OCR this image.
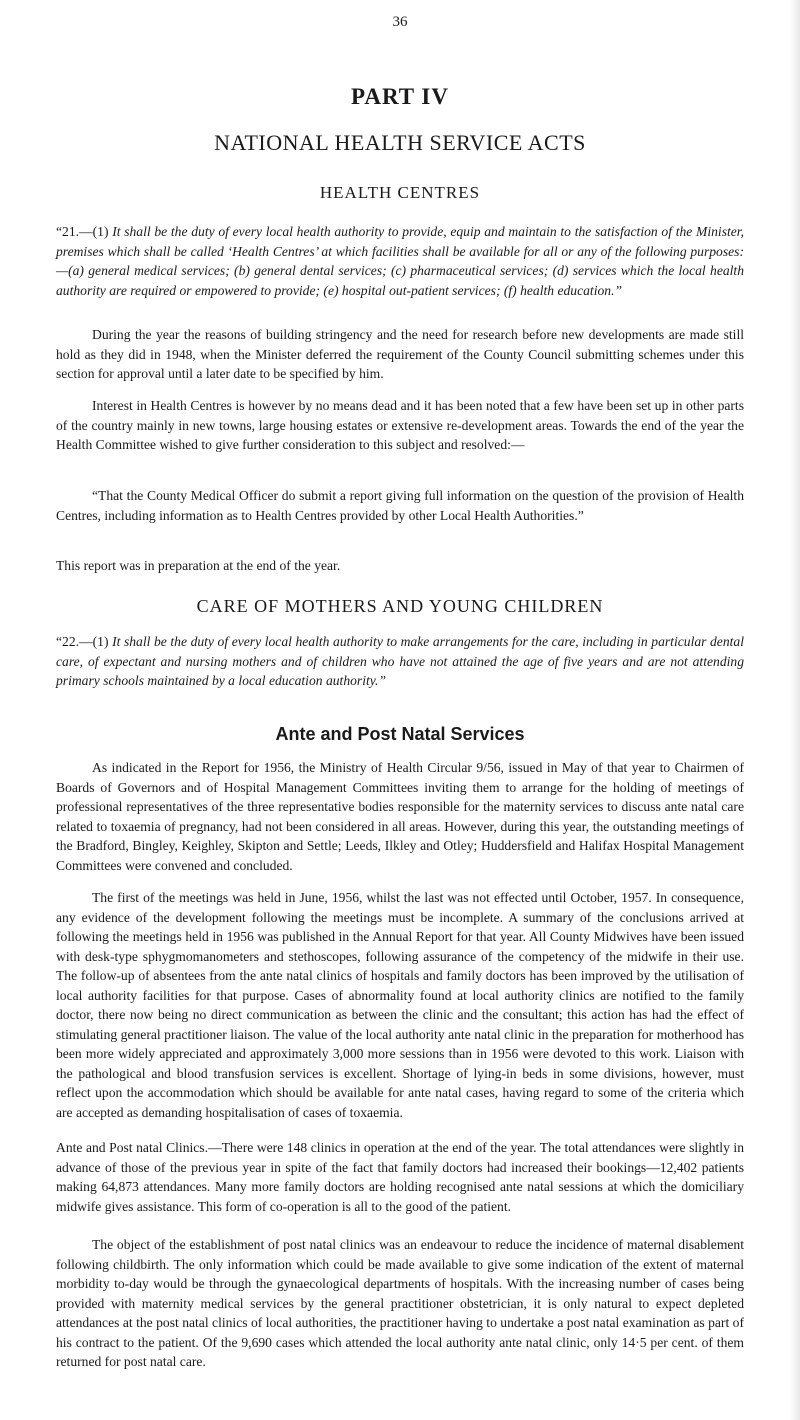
36
PART IV
NATIONAL HEALTH SERVICE ACTS
HEALTH CENTRES
“21.—(1) It shall be the duty of every local health authority to provide, equip and maintain to the satisfaction of the Minister, premises which shall be called ‘Health Centres’ at which facilities shall be available for all or any of the following purposes:—(a) general medical services; (b) general dental services; (c) pharmaceutical services; (d) services which the local health authority are required or empowered to provide; (e) hospital out-patient services; (f) health education.”
During the year the reasons of building stringency and the need for research before new developments are made still hold as they did in 1948, when the Minister deferred the requirement of the County Council submitting schemes under this section for approval until a later date to be specified by him.
Interest in Health Centres is however by no means dead and it has been noted that a few have been set up in other parts of the country mainly in new towns, large housing estates or extensive re-development areas. Towards the end of the year the Health Committee wished to give further consideration to this subject and resolved:—
“That the County Medical Officer do submit a report giving full information on the question of the provision of Health Centres, including information as to Health Centres provided by other Local Health Authorities.”
This report was in preparation at the end of the year.
CARE OF MOTHERS AND YOUNG CHILDREN
“22.—(1) It shall be the duty of every local health authority to make arrangements for the care, including in particular dental care, of expectant and nursing mothers and of children who have not attained the age of five years and are not attending primary schools maintained by a local education authority.”
Ante and Post Natal Services
As indicated in the Report for 1956, the Ministry of Health Circular 9/56, issued in May of that year to Chairmen of Boards of Governors and of Hospital Management Committees inviting them to arrange for the holding of meetings of professional representatives of the three representative bodies responsible for the maternity services to discuss ante natal care related to toxaemia of pregnancy, had not been considered in all areas. However, during this year, the outstanding meetings of the Bradford, Bingley, Keighley, Skipton and Settle; Leeds, Ilkley and Otley; Huddersfield and Halifax Hospital Management Committees were convened and concluded.
The first of the meetings was held in June, 1956, whilst the last was not effected until October, 1957. In consequence, any evidence of the development following the meetings must be incomplete. A summary of the conclusions arrived at following the meetings held in 1956 was published in the Annual Report for that year. All County Midwives have been issued with desk-type sphygmomanometers and stethoscopes, following assurance of the competency of the midwife in their use. The follow-up of absentees from the ante natal clinics of hospitals and family doctors has been improved by the utilisation of local authority facilities for that purpose. Cases of abnormality found at local authority clinics are notified to the family doctor, there now being no direct communication as between the clinic and the consultant; this action has had the effect of stimulating general practitioner liaison. The value of the local authority ante natal clinic in the preparation for motherhood has been more widely appreciated and approximately 3,000 more sessions than in 1956 were devoted to this work. Liaison with the pathological and blood transfusion services is excellent. Shortage of lying-in beds in some divisions, however, must reflect upon the accommodation which should be available for ante natal cases, having regard to some of the criteria which are accepted as demanding hospitalisation of cases of toxaemia.
Ante and Post natal Clinics.—There were 148 clinics in operation at the end of the year. The total attendances were slightly in advance of those of the previous year in spite of the fact that family doctors had increased their bookings—12,402 patients making 64,873 attendances. Many more family doctors are holding recognised ante natal sessions at which the domiciliary midwife gives assistance. This form of co-operation is all to the good of the patient.
The object of the establishment of post natal clinics was an endeavour to reduce the incidence of maternal disablement following childbirth. The only information which could be made available to give some indication of the extent of maternal morbidity to-day would be through the gynaecological departments of hospitals. With the increasing number of cases being provided with maternity medical services by the general practitioner obstetrician, it is only natural to expect depleted attendances at the post natal clinics of local authorities, the practitioner having to undertake a post natal examination as part of his contract to the patient. Of the 9,690 cases which attended the local authority ante natal clinic, only 14·5 per cent. of them returned for post natal care.
